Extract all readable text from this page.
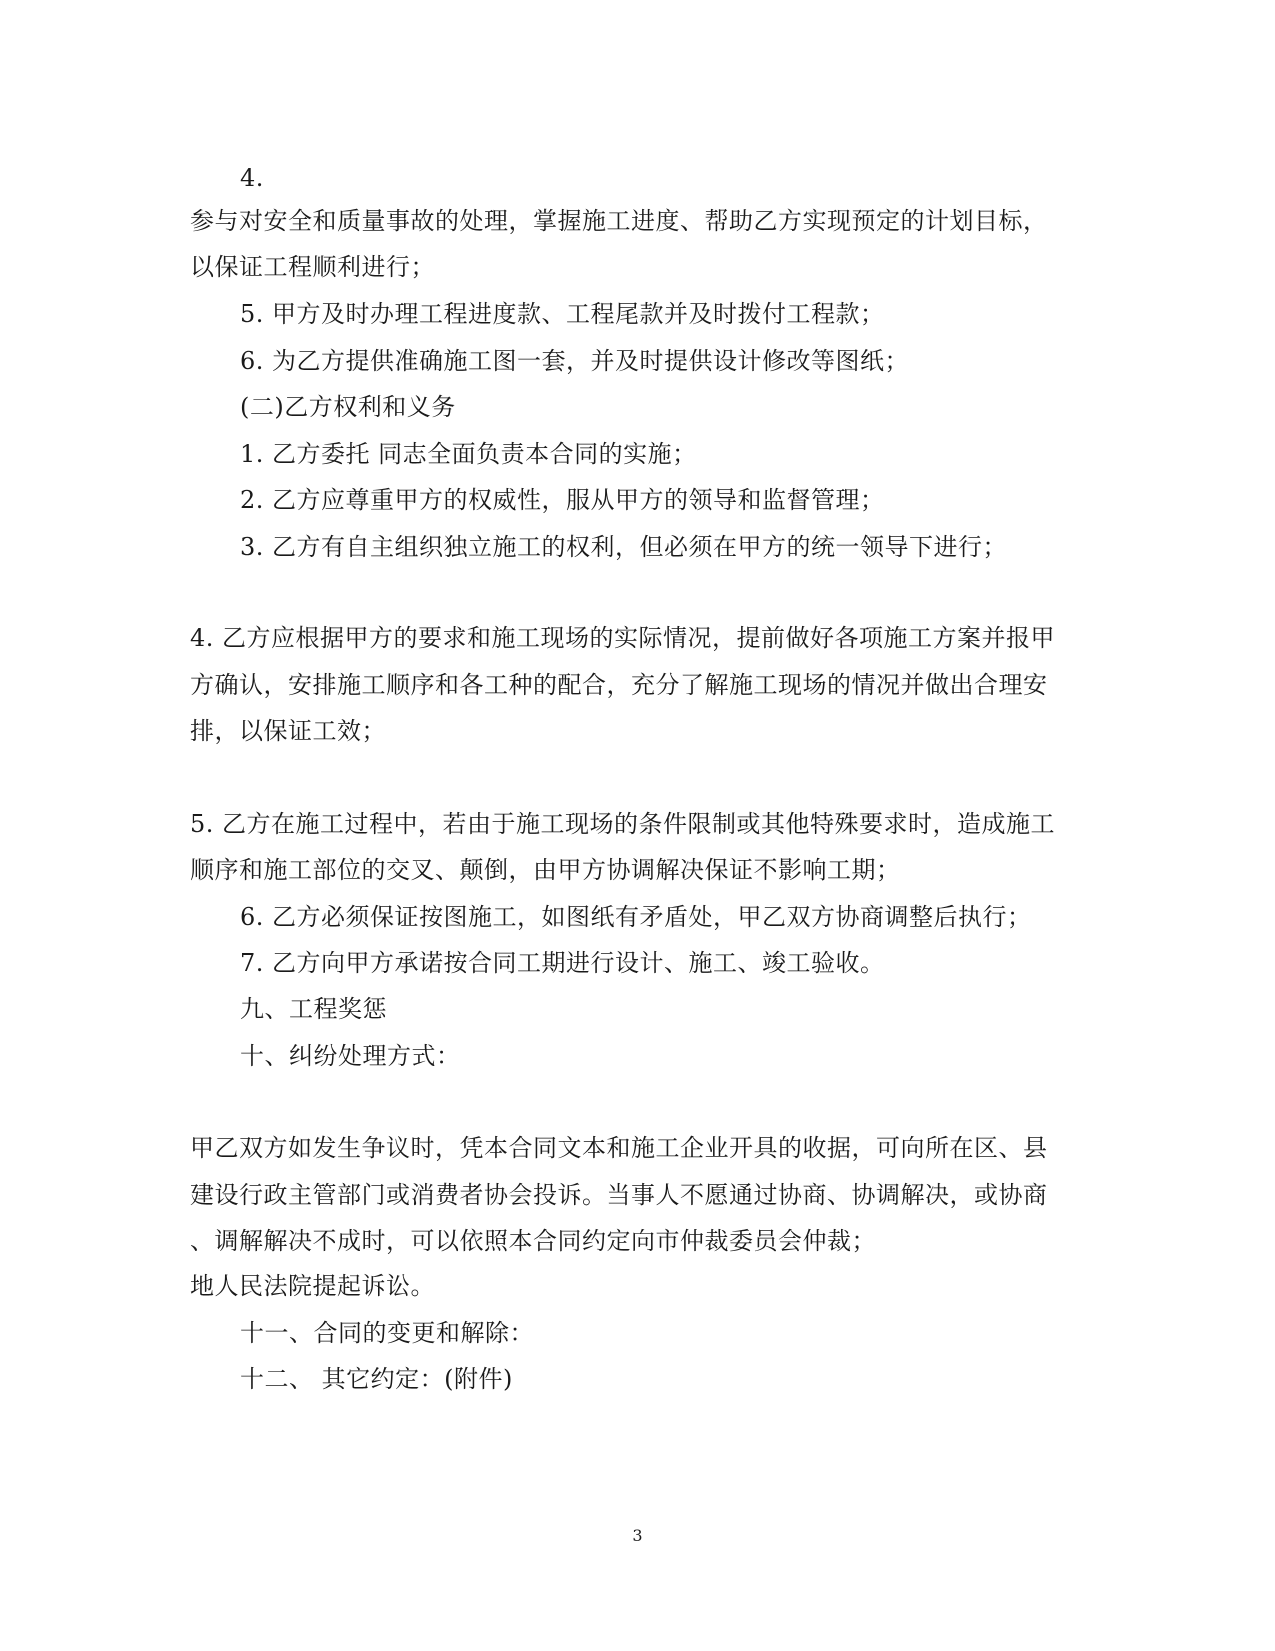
4.
参与对安全和质量事故的处理，掌握施工进度、帮助乙方实现预定的计划目标，
以保证工程顺利进行；
5. 甲方及时办理工程进度款、工程尾款并及时拨付工程款；
6. 为乙方提供准确施工图一套，并及时提供设计修改等图纸；
(二)乙方权利和义务
1. 乙方委托 同志全面负责本合同的实施；
2. 乙方应尊重甲方的权威性，服从甲方的领导和监督管理；
3. 乙方有自主组织独立施工的权利，但必须在甲方的统一领导下进行；
4. 乙方应根据甲方的要求和施工现场的实际情况，提前做好各项施工方案并报甲
方确认，安排施工顺序和各工种的配合，充分了解施工现场的情况并做出合理安
排，以保证工效；
5. 乙方在施工过程中，若由于施工现场的条件限制或其他特殊要求时，造成施工
顺序和施工部位的交叉、颠倒，由甲方协调解决保证不影响工期；
6. 乙方必须保证按图施工，如图纸有矛盾处，甲乙双方协商调整后执行；
7. 乙方向甲方承诺按合同工期进行设计、施工、竣工验收。
九、工程奖惩
十、纠纷处理方式：
甲乙双方如发生争议时，凭本合同文本和施工企业开具的收据，可向所在区、县
建设行政主管部门或消费者协会投诉。当事人不愿通过协商、协调解决，或协商
、调解解决不成时，可以依照本合同约定向市仲裁委员会仲裁；
地人民法院提起诉讼。
十一、合同的变更和解除：
十二、 其它约定：(附件)
3
